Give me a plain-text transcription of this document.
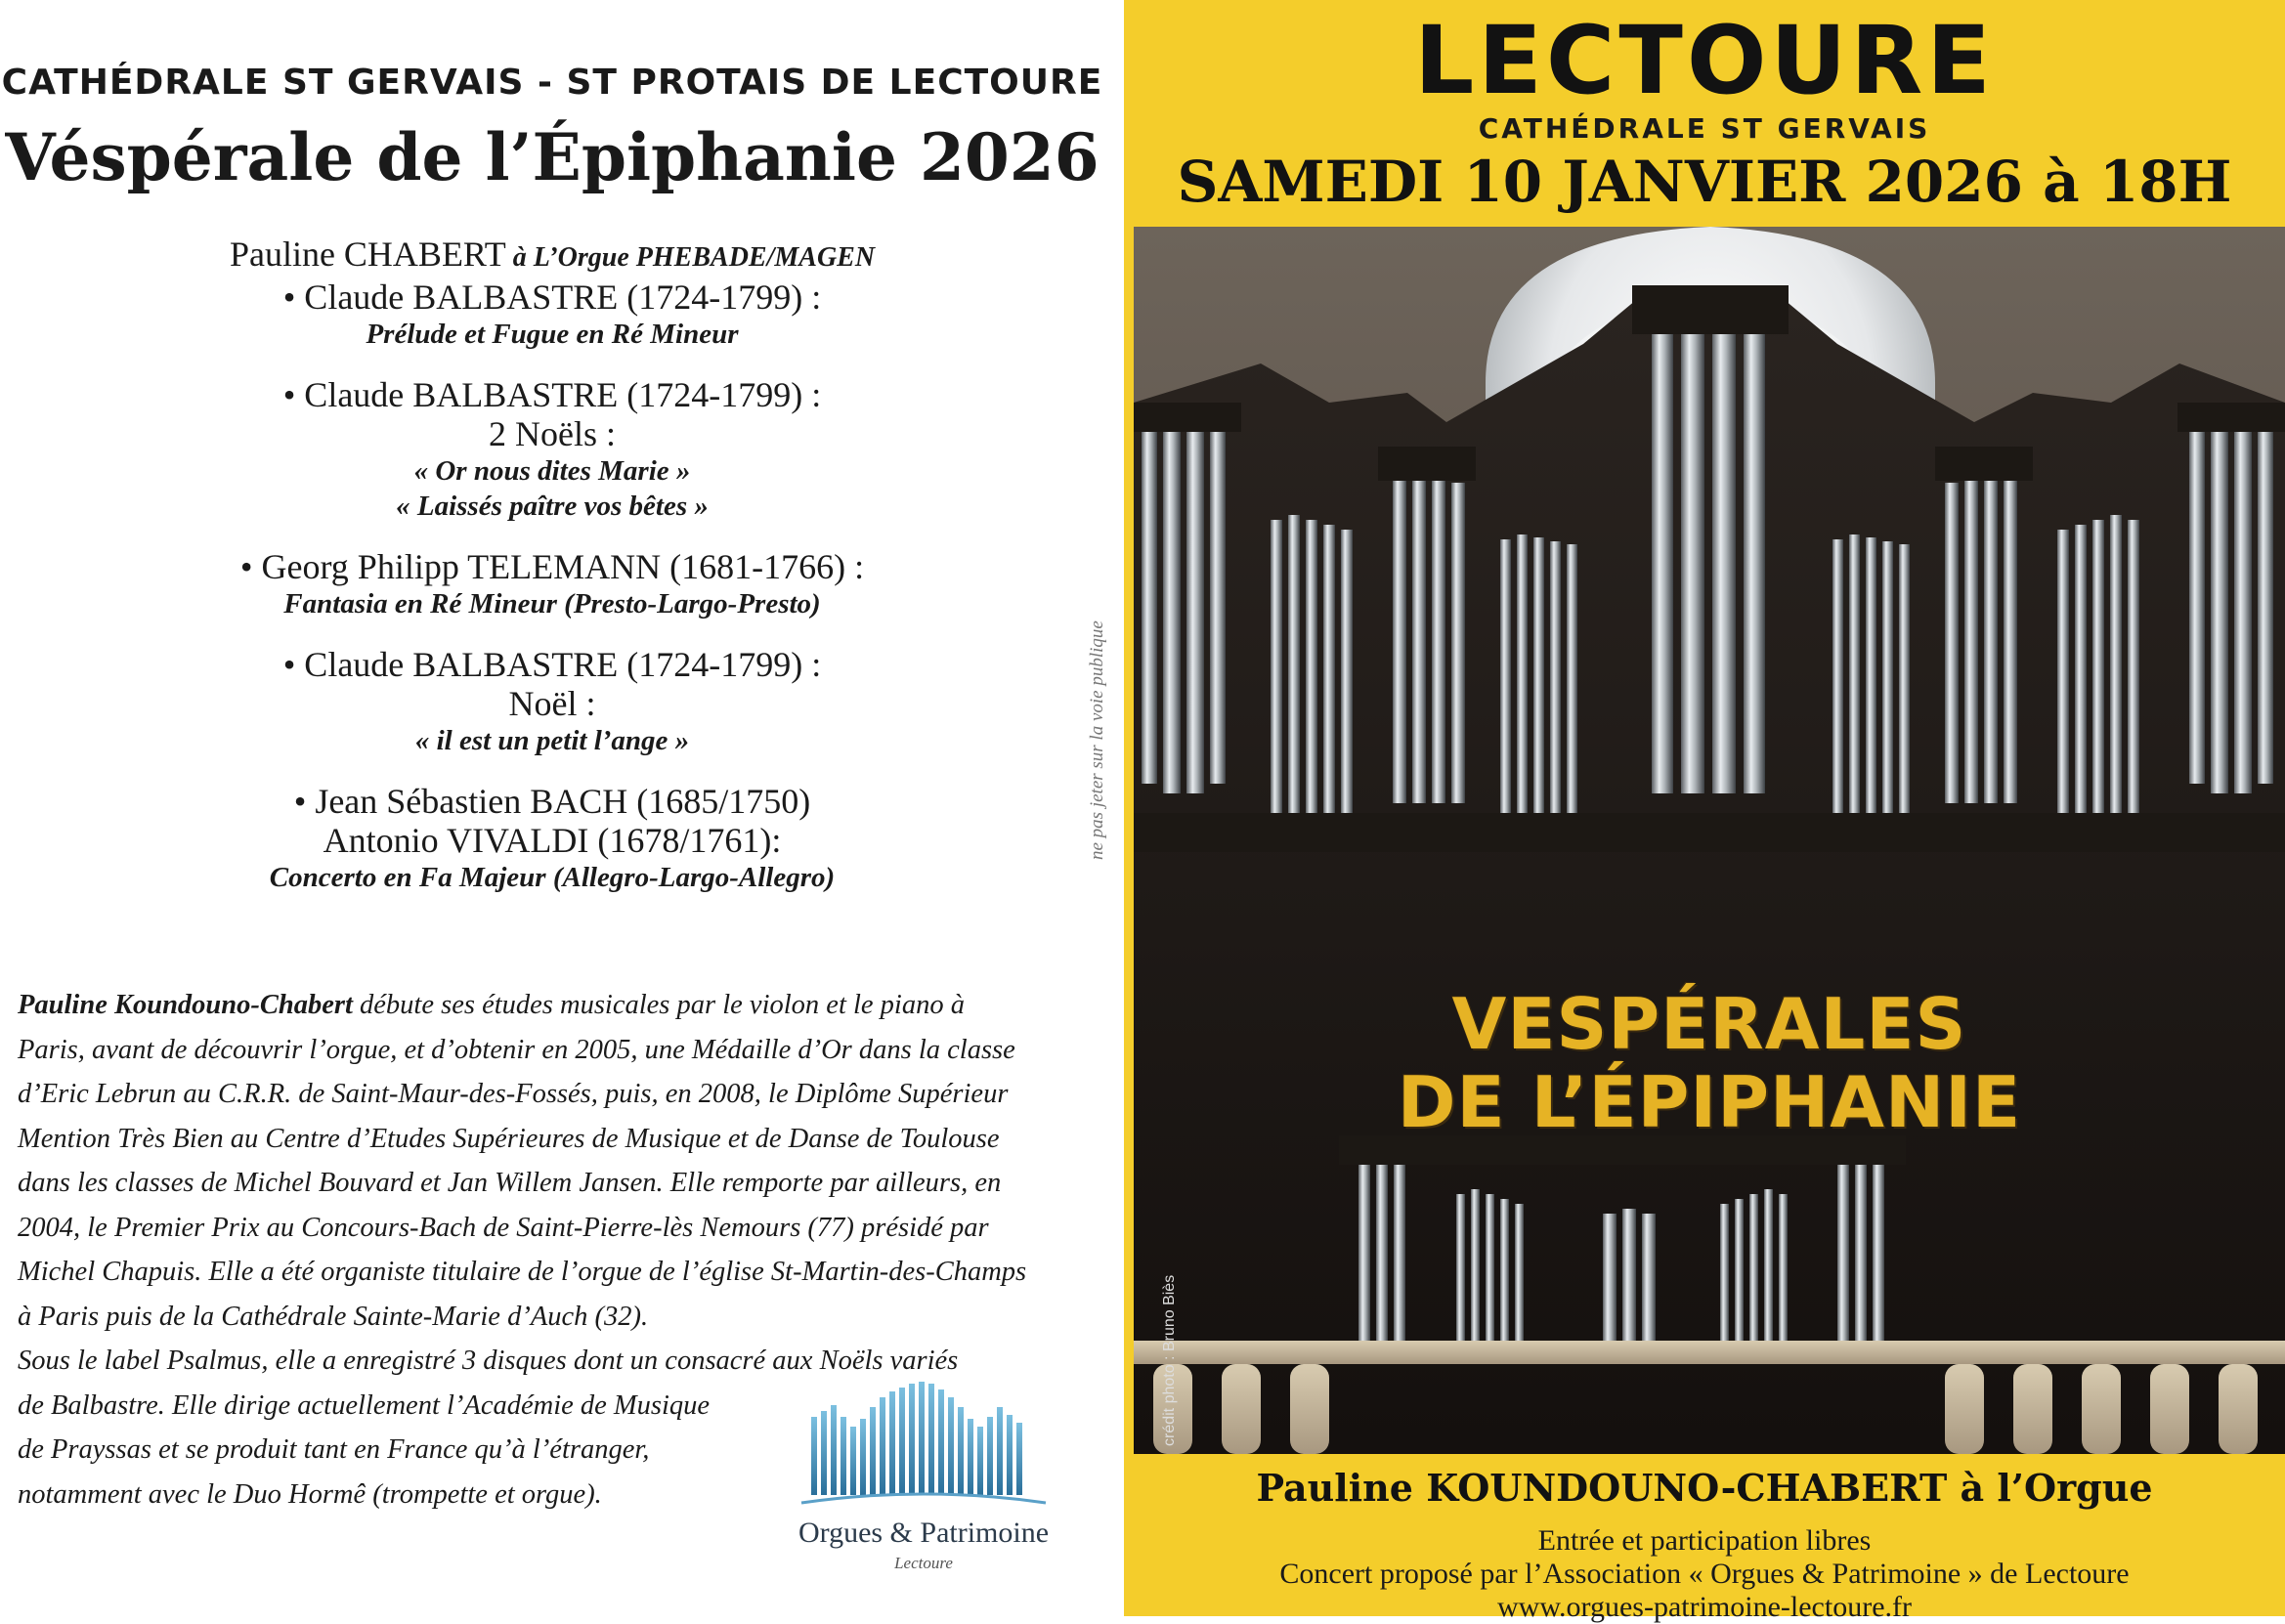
CATHÉDRALE ST GERVAIS - ST PROTAIS DE LECTOURE
Véspérale de l’Épiphanie 2026
Pauline CHABERT à L’Orgue PHEBADE/MAGEN
• Claude BALBASTRE (1724-1799) :
Prélude et Fugue en Ré Mineur
• Claude BALBASTRE (1724-1799) :
2 Noëls :
« Or nous dites Marie »
« Laissés paître vos bêtes »
• Georg Philipp TELEMANN (1681-1766) :
Fantasia en Ré Mineur (Presto-Largo-Presto)
• Claude BALBASTRE (1724-1799) :
Noël :
« il est un petit l’ange »
• Jean Sébastien BACH (1685/1750)
Antonio VIVALDI (1678/1761):
Concerto en Fa Majeur (Allegro-Largo-Allegro)
ne pas jeter sur la voie publique
Pauline Koundouno-Chabert débute ses études musicales par le violon et le piano à
Paris, avant de découvrir l’orgue, et d’obtenir en 2005, une Médaille d’Or dans la classe
d’Eric Lebrun au C.R.R. de Saint-Maur-des-Fossés, puis, en 2008, le Diplôme Supérieur
Mention Très Bien au Centre d’Etudes Supérieures de Musique et de Danse de Toulouse
dans les classes de Michel Bouvard et Jan Willem Jansen. Elle remporte par ailleurs, en
2004, le Premier Prix au Concours-Bach de Saint-Pierre-lès Nemours (77) présidé par
Michel Chapuis. Elle a été organiste titulaire de l’orgue de l’église St-Martin-des-Champs
à Paris puis de la Cathédrale Sainte-Marie d’Auch (32).
Sous le label Psalmus, elle a enregistré 3 disques dont un consacré aux Noëls variés
de Balbastre. Elle dirige actuellement l’Académie de Musique
de Prayssas et se produit tant en France qu’à l’étranger,
notamment avec le Duo Hormê (trompette et orgue).
Orgues & Patrimoine
Lectoure
LECTOURE
CATHÉDRALE ST GERVAIS
SAMEDI 10 JANVIER 2026 à 18H
crédit photo : Bruno Biès
VESPÉRALES
DE L’ÉPIPHANIE
Pauline KOUNDOUNO-CHABERT à l’Orgue
Entrée et participation libres
Concert proposé par l’Association « Orgues & Patrimoine » de Lectoure
www.orgues-patrimoine-lectoure.fr
